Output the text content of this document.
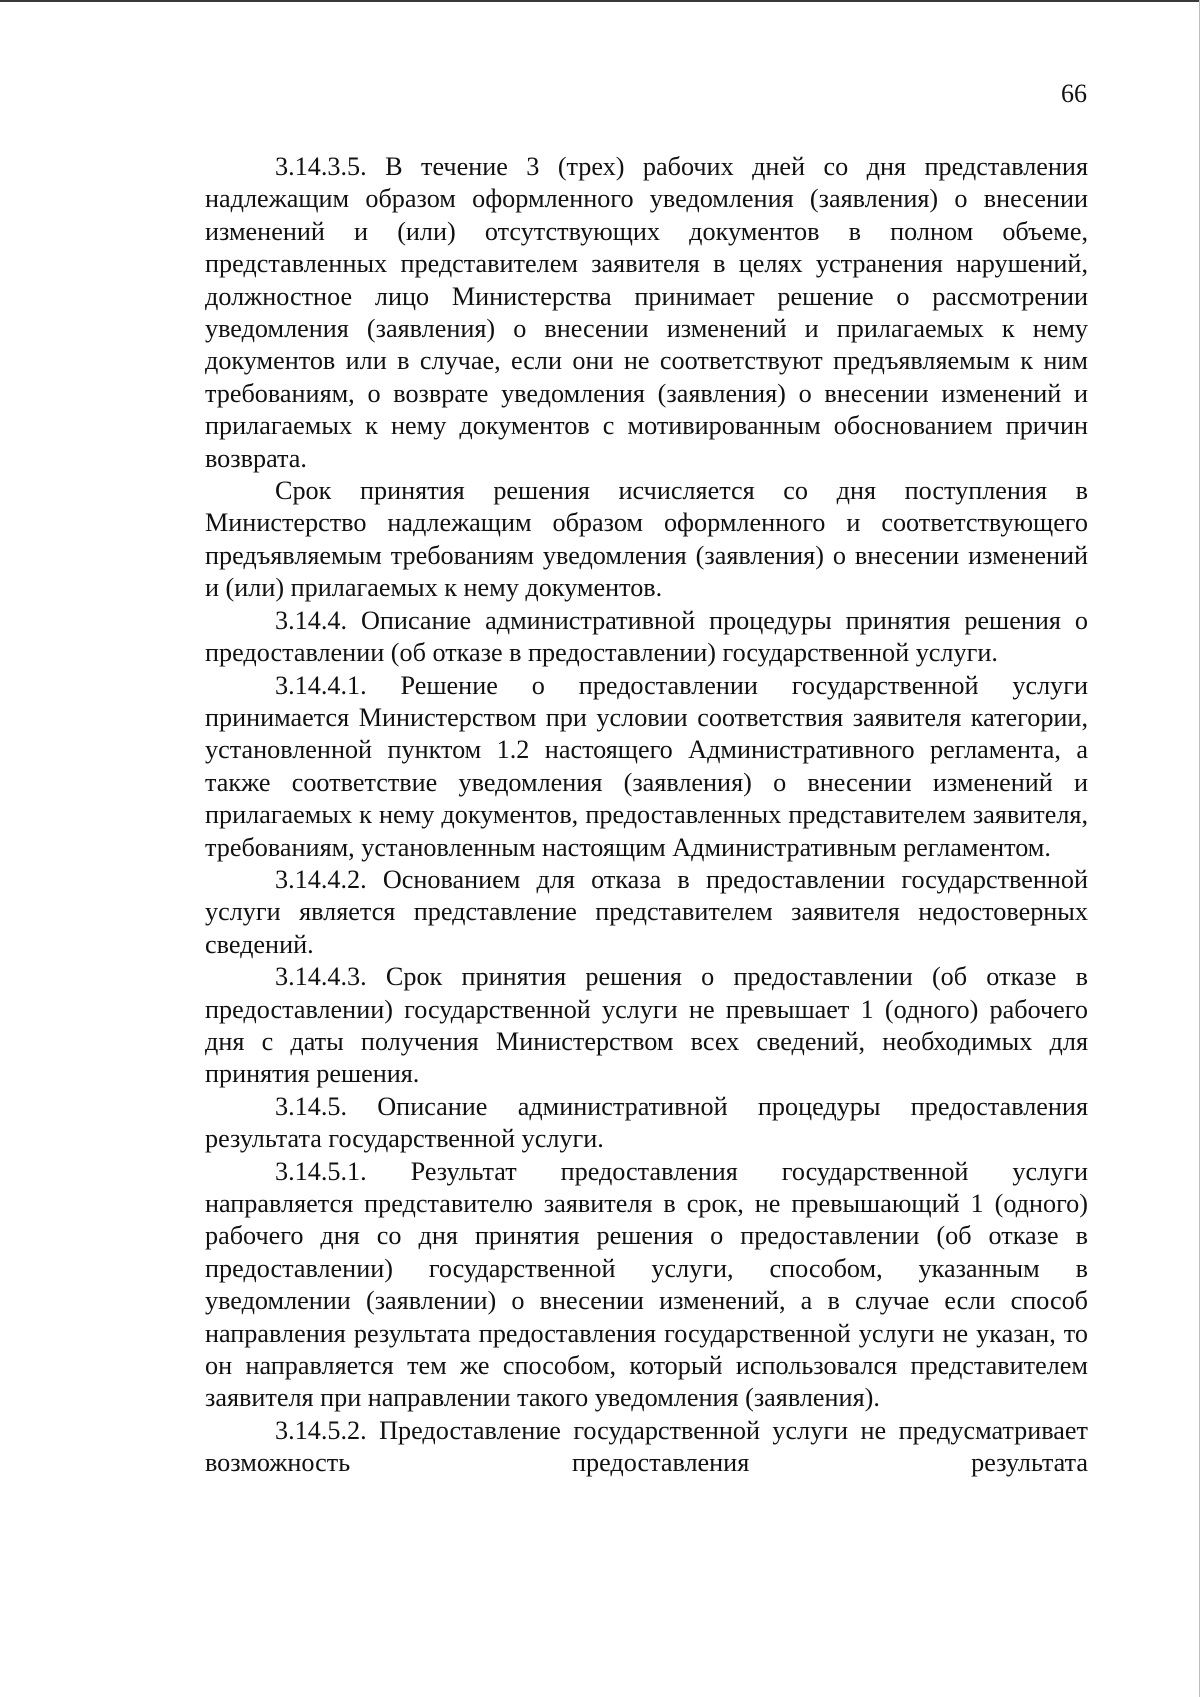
66

3.14.3.5. В течение 3 (трех) рабочих дней со дня представления надлежащим образом оформленного уведомления (заявления) о внесении изменений и (или) отсутствующих документов в полном объеме, представленных представителем заявителя в целях устранения нарушений, должностное лицо Министерства принимает решение о рассмотрении уведомления (заявления) о внесении изменений и прилагаемых к нему документов или в случае, если они не соответствуют предъявляемым к ним требованиям, о возврате уведомления (заявления) о внесении изменений и прилагаемых к нему документов с мотивированным обоснованием причин возврата.

Срок принятия решения исчисляется со дня поступления в Министерство надлежащим образом оформленного и соответствующего предъявляемым требованиям уведомления (заявления) о внесении изменений и (или) прилагаемых к нему документов.

3.14.4. Описание административной процедуры принятия решения о предоставлении (об отказе в предоставлении) государственной услуги.

3.14.4.1. Решение о предоставлении государственной услуги принимается Министерством при условии соответствия заявителя категории, установленной пунктом 1.2 настоящего Административного регламента, а также соответствие уведомления (заявления) о внесении изменений и прилагаемых к нему документов, предоставленных представителем заявителя, требованиям, установленным настоящим Административным регламентом.

3.14.4.2. Основанием для отказа в предоставлении государственной услуги является представление представителем заявителя недостоверных сведений.

3.14.4.3. Срок принятия решения о предоставлении (об отказе в предоставлении) государственной услуги не превышает 1 (одного) рабочего дня с даты получения Министерством всех сведений, необходимых для принятия решения.

3.14.5. Описание административной процедуры предоставления результата государственной услуги.

3.14.5.1. Результат предоставления государственной услуги направляется представителю заявителя в срок, не превышающий 1 (одного) рабочего дня со дня принятия решения о предоставлении (об отказе в предоставлении) государственной услуги, способом, указанным в уведомлении (заявлении) о внесении изменений, а в случае если способ направления результата предоставления государственной услуги не указан, то он направляется тем же способом, который использовался представителем заявителя при направлении такого уведомления (заявления).

3.14.5.2. Предоставление государственной услуги не предусматривает возможность предоставления результата
